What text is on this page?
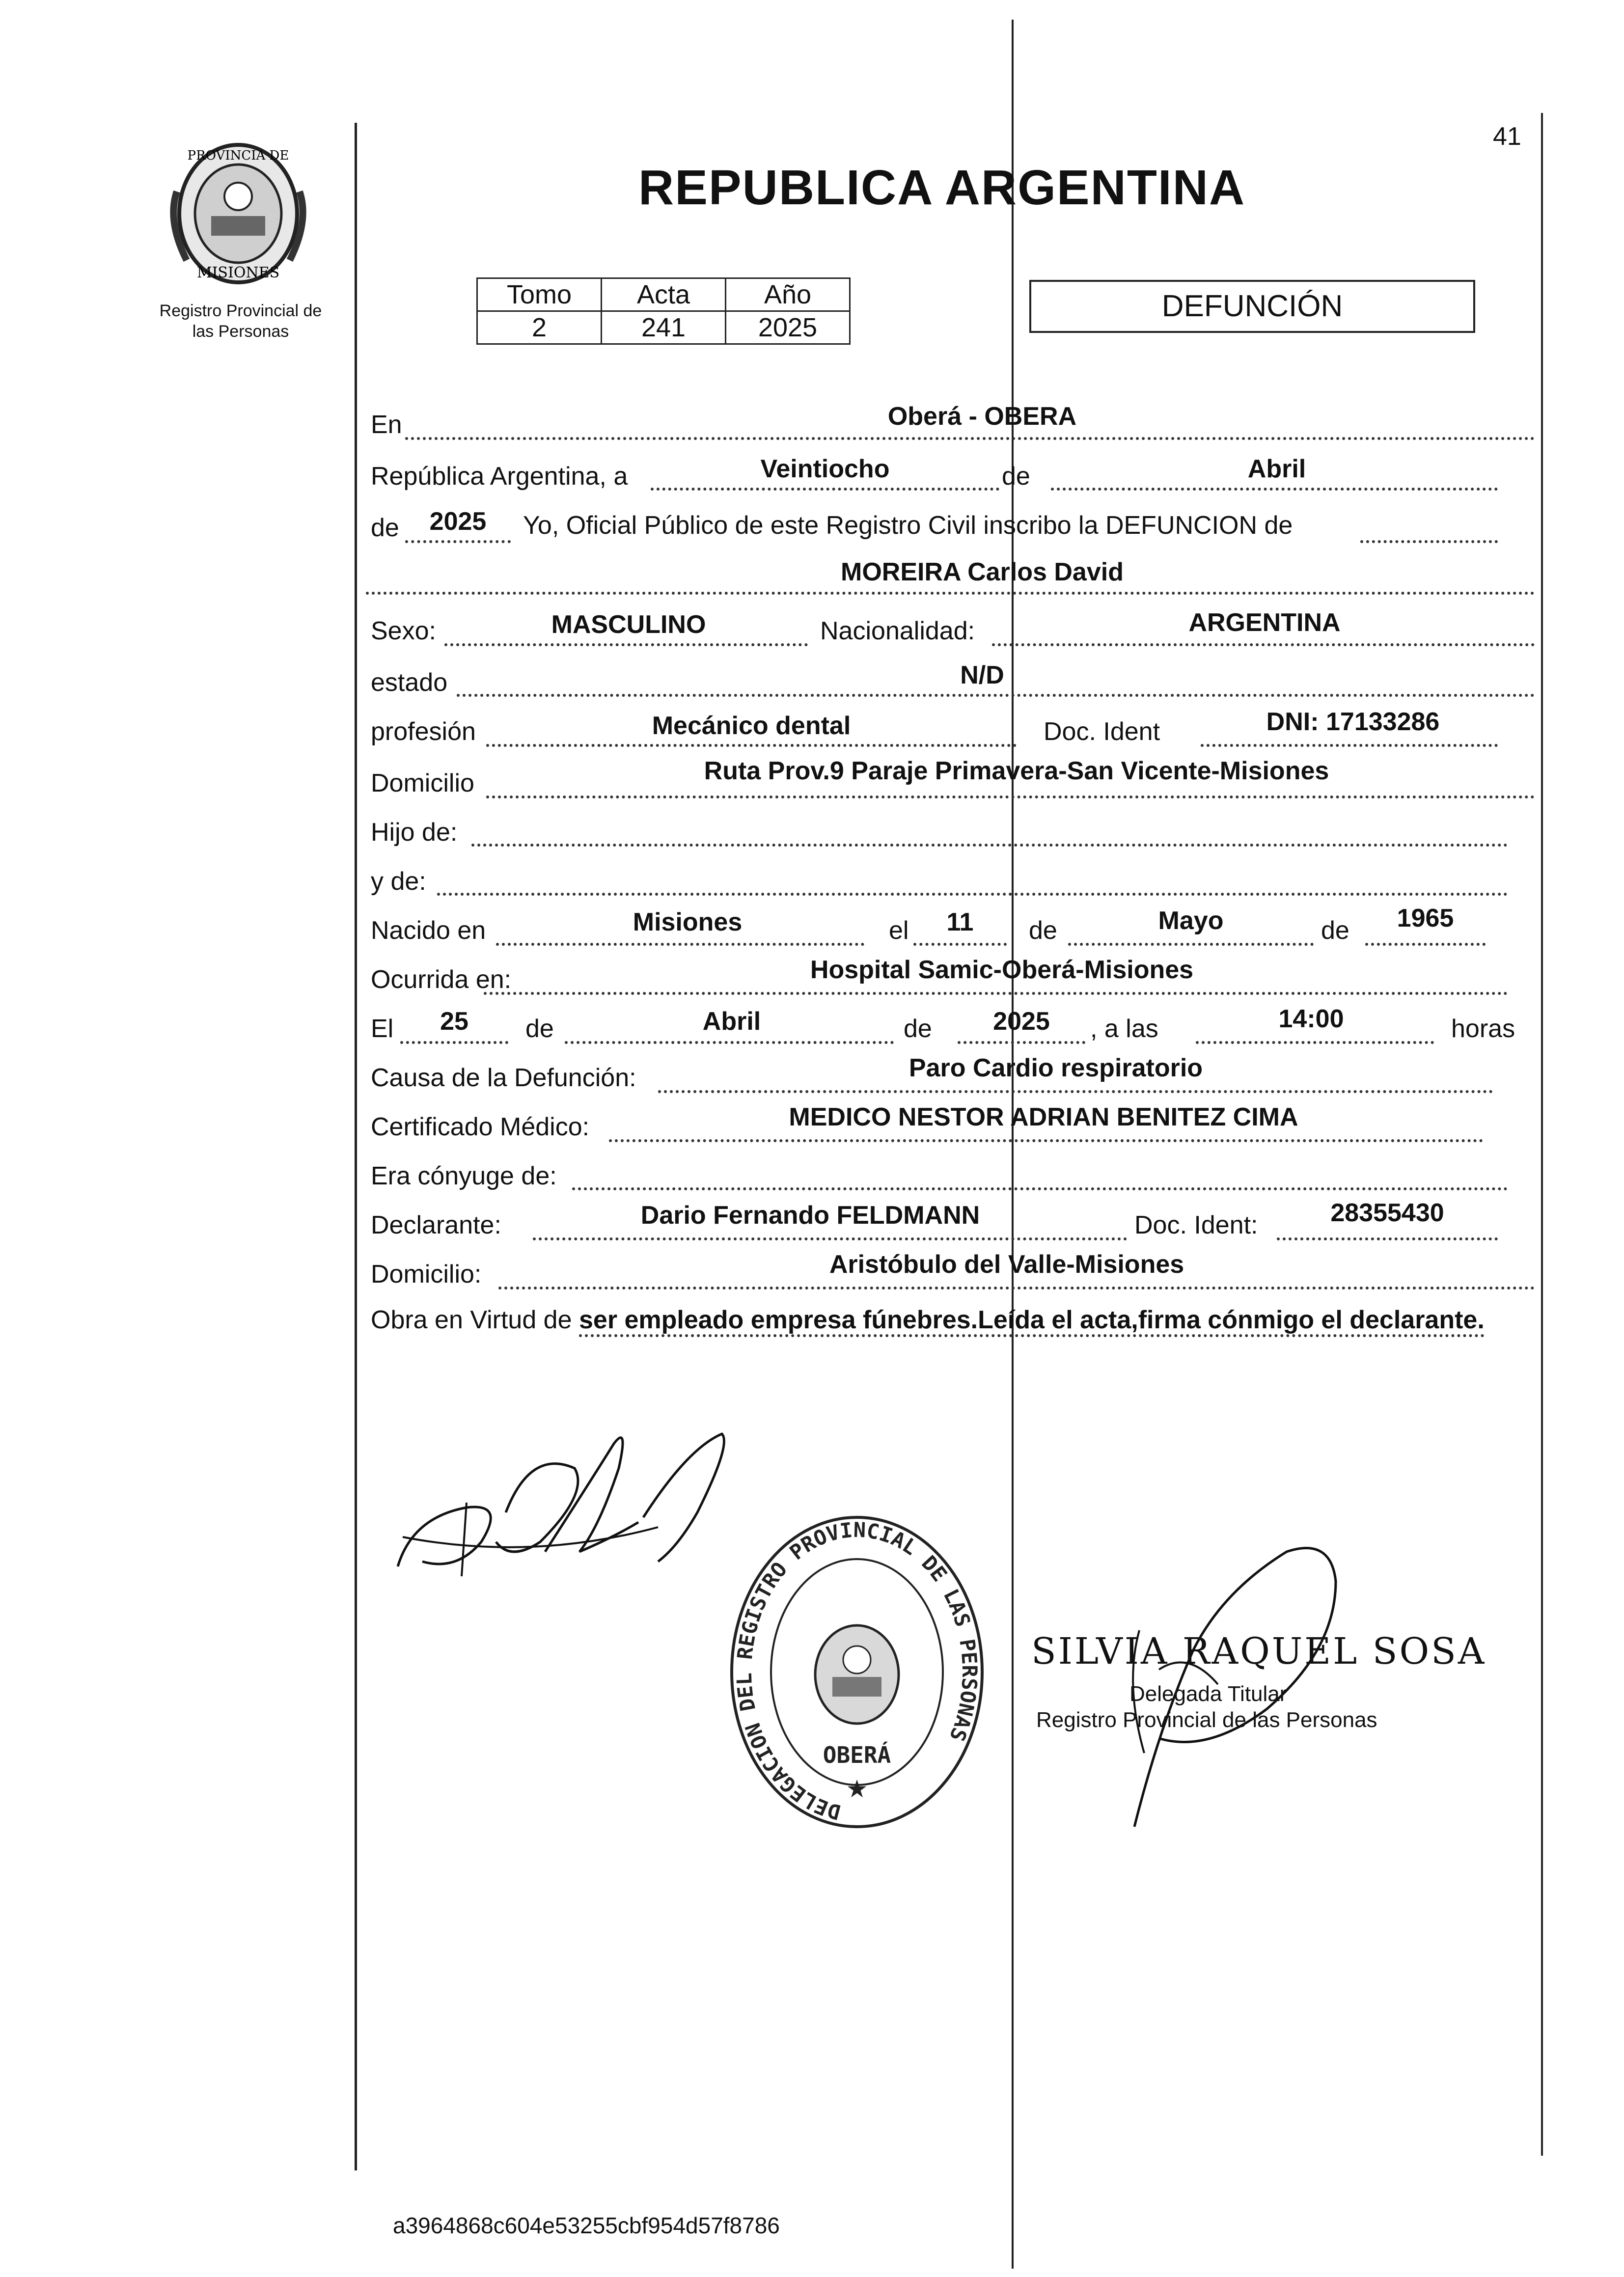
PROVINCIA DE
MISIONES
Registro Provincial de
las Personas
41
REPUBLICA ARGENTINA
Tomo	Acta	Año
2	241	2025
DEFUNCIÓN
En	Oberá - OBERA
República Argentina, a	Veintiocho	de	Abril
de	2025	Yo, Oficial Público de este Registro Civil inscribo la DEFUNCION de
MOREIRA Carlos David
Sexo:	MASCULINO	Nacionalidad:	ARGENTINA
estado	N/D
profesión	Mecánico dental	Doc. Ident	DNI: 17133286
Domicilio	Ruta Prov.9 Paraje Primavera-San Vicente-Misiones
Hijo de:
y de:
Nacido en	Misiones	el	11	de	Mayo	de	1965
Ocurrida en:	Hospital Samic-Oberá-Misiones
El	25	de	Abril	de	2025	, a las	14:00	horas
Causa de la Defunción:	Paro Cardio respiratorio
Certificado Médico:	MEDICO NESTOR ADRIAN BENITEZ CIMA
Era cónyuge de:
Declarante:	Dario Fernando FELDMANN	Doc. Ident:	28355430
Domicilio:	Aristóbulo del Valle-Misiones
Obra en Virtud de ser empleado empresa fúnebres.Leída el acta,firma cónmigo el declarante.
DELEGACION DEL REGISTRO PROVINCIAL DE LAS PERSONAS
OBERÁ
★
SILVIA RAQUEL SOSA
Delegada Titular
Registro Provincial de las Personas
a3964868c604e53255cbf954d57f8786
